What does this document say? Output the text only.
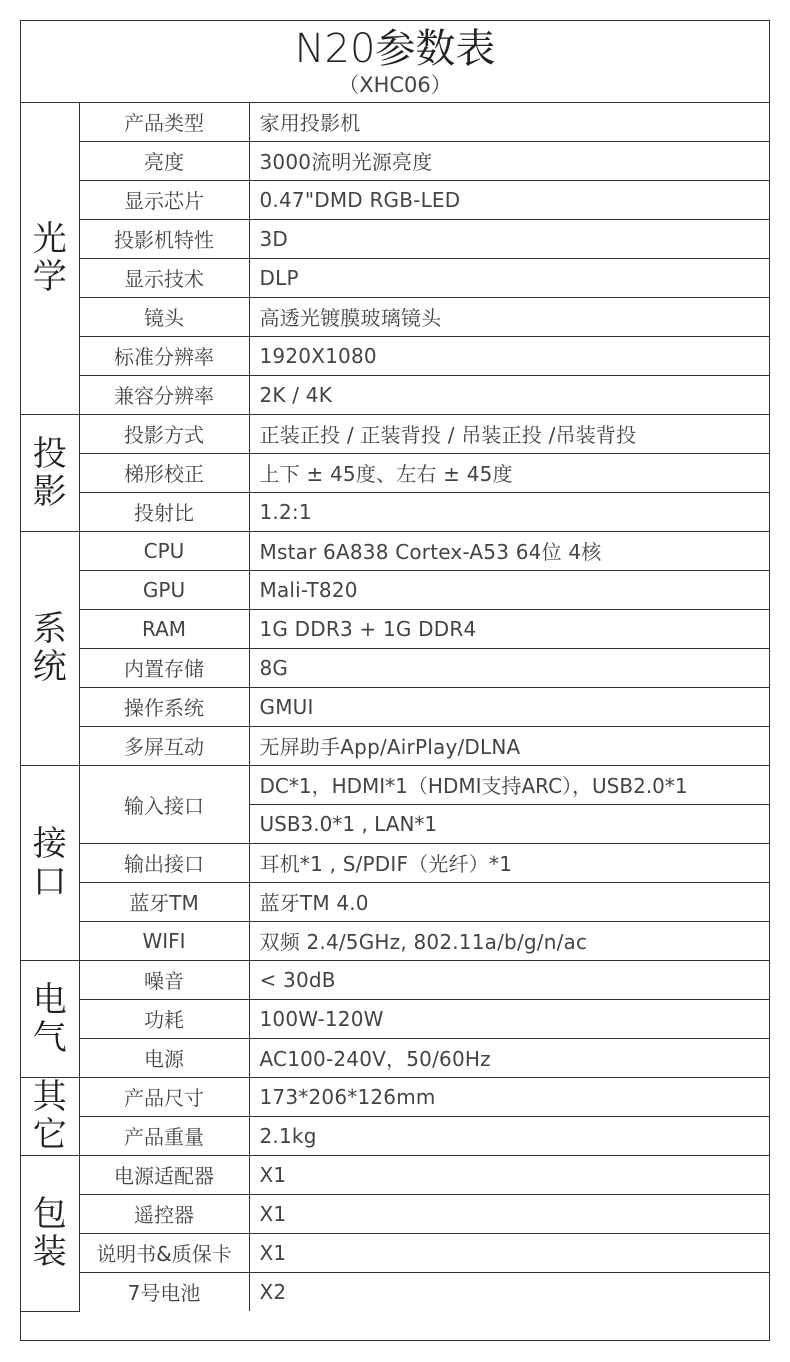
N20参数表
（XHC06）
光学	产品类型	家用投影机
	亮度	3000流明光源亮度
	显示芯片	0.47"DMD RGB-LED
	投影机特性	3D
	显示技术	DLP
	镜头	高透光镀膜玻璃镜头
	标准分辨率	1920X1080
	兼容分辨率	2K / 4K

投影	投影方式	正装正投 / 正装背投 / 吊装正投 /吊装背投
	梯形校正	上下 ± 45度、左右 ± 45度
	投射比	1.2:1

系统	CPU	Mstar 6A838 Cortex-A53 64位 4核
	GPU	Mali-T820
	RAM	1G DDR3 + 1G DDR4
	内置存储	8G
	操作系统	GMUI
	多屏互动	无屏助手App/AirPlay/DLNA

接口	输入接口	DC*1，HDMI*1（HDMI支持ARC），USB2.0*1
		USB3.0*1 , LAN*1
	输出接口	耳机*1 , S/PDIF（光纤）*1
	蓝牙TM	蓝牙TM 4.0
	WIFI	双频 2.4/5GHz, 802.11a/b/g/n/ac

电气	噪音	< 30dB
	功耗	100W-120W
	电源	AC100-240V，50/60Hz

其它	产品尺寸	173*206*126mm
	产品重量	2.1kg

包装	电源适配器	X1
	遥控器	X1
	说明书&质保卡	X1
	7号电池	X2
